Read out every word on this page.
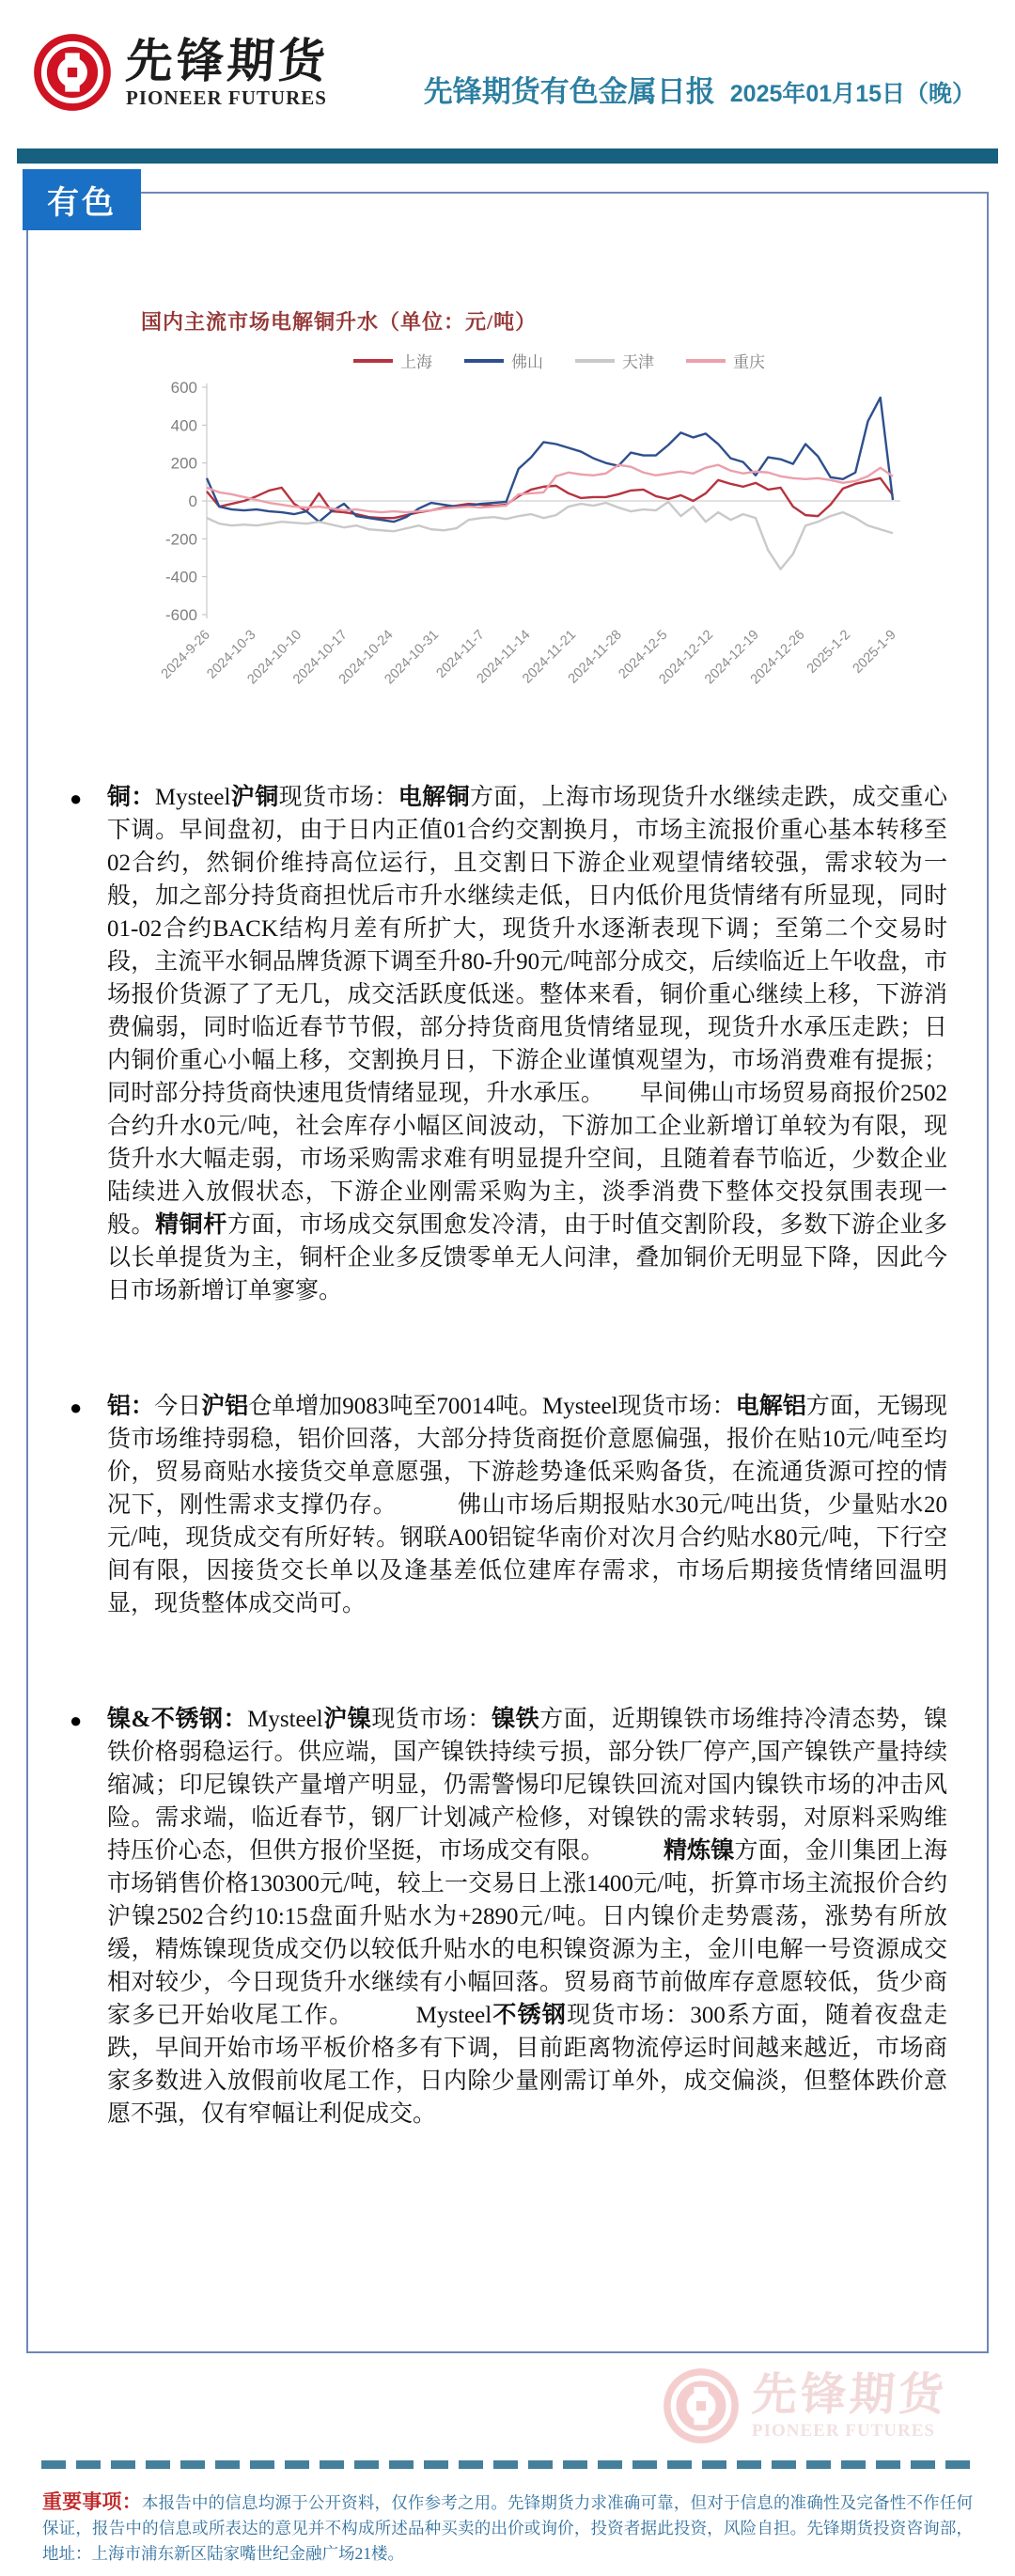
先锋期货
PIONEER FUTURES	先锋期货有色金属日报 2025年01月15日（晚）
有色
国内主流市场电解铜升水（单位：元/吨）
上海	佛山	天津	重庆
600
400
200
0
-200
-400
-600
2024-9-26
2024-10-3
2024-10-10
2024-10-17
2024-10-24
2024-10-31
2024-11-7
2024-11-14
2024-11-21
2024-11-28
2024-12-5
2024-12-12
2024-12-19
2024-12-26
2025-1-2
2025-1-9
●	铜：Mysteel沪铜现货市场：电解铜方面，上海市场现货升水继续走跌，成交重心下调。早间盘初，由于日内正值01合约交割换月，市场主流报价重心基本转移至02合约，然铜价维持高位运行，且交割日下游企业观望情绪较强，需求较为一般，加之部分持货商担忧后市升水继续走低，日内低价甩货情绪有所显现，同时01-02合约BACK结构月差有所扩大，现货升水逐渐表现下调；至第二个交易时段，主流平水铜品牌货源下调至升80-升90元/吨部分成交，后续临近上午收盘，市场报价货源了了无几，成交活跃度低迷。整体来看，铜价重心继续上移，下游消费偏弱，同时临近春节节假，部分持货商甩货情绪显现，现货升水承压走跌；日内铜价重心小幅上移，交割换月日，下游企业谨慎观望为，市场消费难有提振；同时部分持货商快速甩货情绪显现，升水承压。　　早间佛山市场贸易商报价2502合约升水0元/吨，社会库存小幅区间波动，下游加工企业新增订单较为有限，现货升水大幅走弱，市场采购需求难有明显提升空间，且随着春节临近，少数企业陆续进入放假状态，下游企业刚需采购为主，淡季消费下整体交投氛围表现一般。精铜杆方面，市场成交氛围愈发冷清，由于时值交割阶段，多数下游企业多以长单提货为主，铜杆企业多反馈零单无人问津，叠加铜价无明显下降，因此今日市场新增订单寥寥。
●	铝：今日沪铝仓单增加9083吨至70014吨。Mysteel现货市场：电解铝方面，无锡现货市场维持弱稳，铝价回落，大部分持货商挺价意愿偏强，报价在贴10元/吨至均价，贸易商贴水接货交单意愿强，下游趁势逢低采购备货，在流通货源可控的情况下，刚性需求支撑仍存。　　　佛山市场后期报贴水30元/吨出货，少量贴水20元/吨，现货成交有所好转。钢联A00铝锭华南价对次月合约贴水80元/吨，下行空间有限，因接货交长单以及逢基差低位建库存需求，市场后期接货情绪回温明显，现货整体成交尚可。
●	镍&不锈钢：Mysteel沪镍现货市场：镍铁方面，近期镍铁市场维持冷清态势，镍铁价格弱稳运行。供应端，国产镍铁持续亏损，部分铁厂停产,国产镍铁产量持续缩减；印尼镍铁产量增产明显，仍需警惕印尼镍铁回流对国内镍铁市场的冲击风险。需求端，临近春节，钢厂计划减产检修，对镍铁的需求转弱，对原料采购维持压价心态，但供方报价坚挺，市场成交有限。　　　精炼镍方面，金川集团上海市场销售价格130300元/吨，较上一交易日上涨1400元/吨，折算市场主流报价合约沪镍2502合约10:15盘面升贴水为+2890元/吨。日内镍价走势震荡，涨势有所放缓，精炼镍现货成交仍以较低升贴水的电积镍资源为主，金川电解一号资源成交相对较少，今日现货升水继续有小幅回落。贸易商节前做库存意愿较低，货少商家多已开始收尾工作。　　　Mysteel不锈钢现货市场：300系方面，随着夜盘走跌，早间开始市场平板价格多有下调，目前距离物流停运时间越来越近，市场商家多数进入放假前收尾工作，日内除少量刚需订单外，成交偏淡，但整体跌价意愿不强，仅有窄幅让利促成交。
先锋期货
PIONEER FUTURES
重要事项：本报告中的信息均源于公开资料，仅作参考之用。先锋期货力求准确可靠，但对于信息的准确性及完备性不作任何保证，报告中的信息或所表达的意见并不构成所述品种买卖的出价或询价，投资者据此投资，风险自担。先锋期货投资咨询部，地址：上海市浦东新区陆家嘴世纪金融广场21楼。
